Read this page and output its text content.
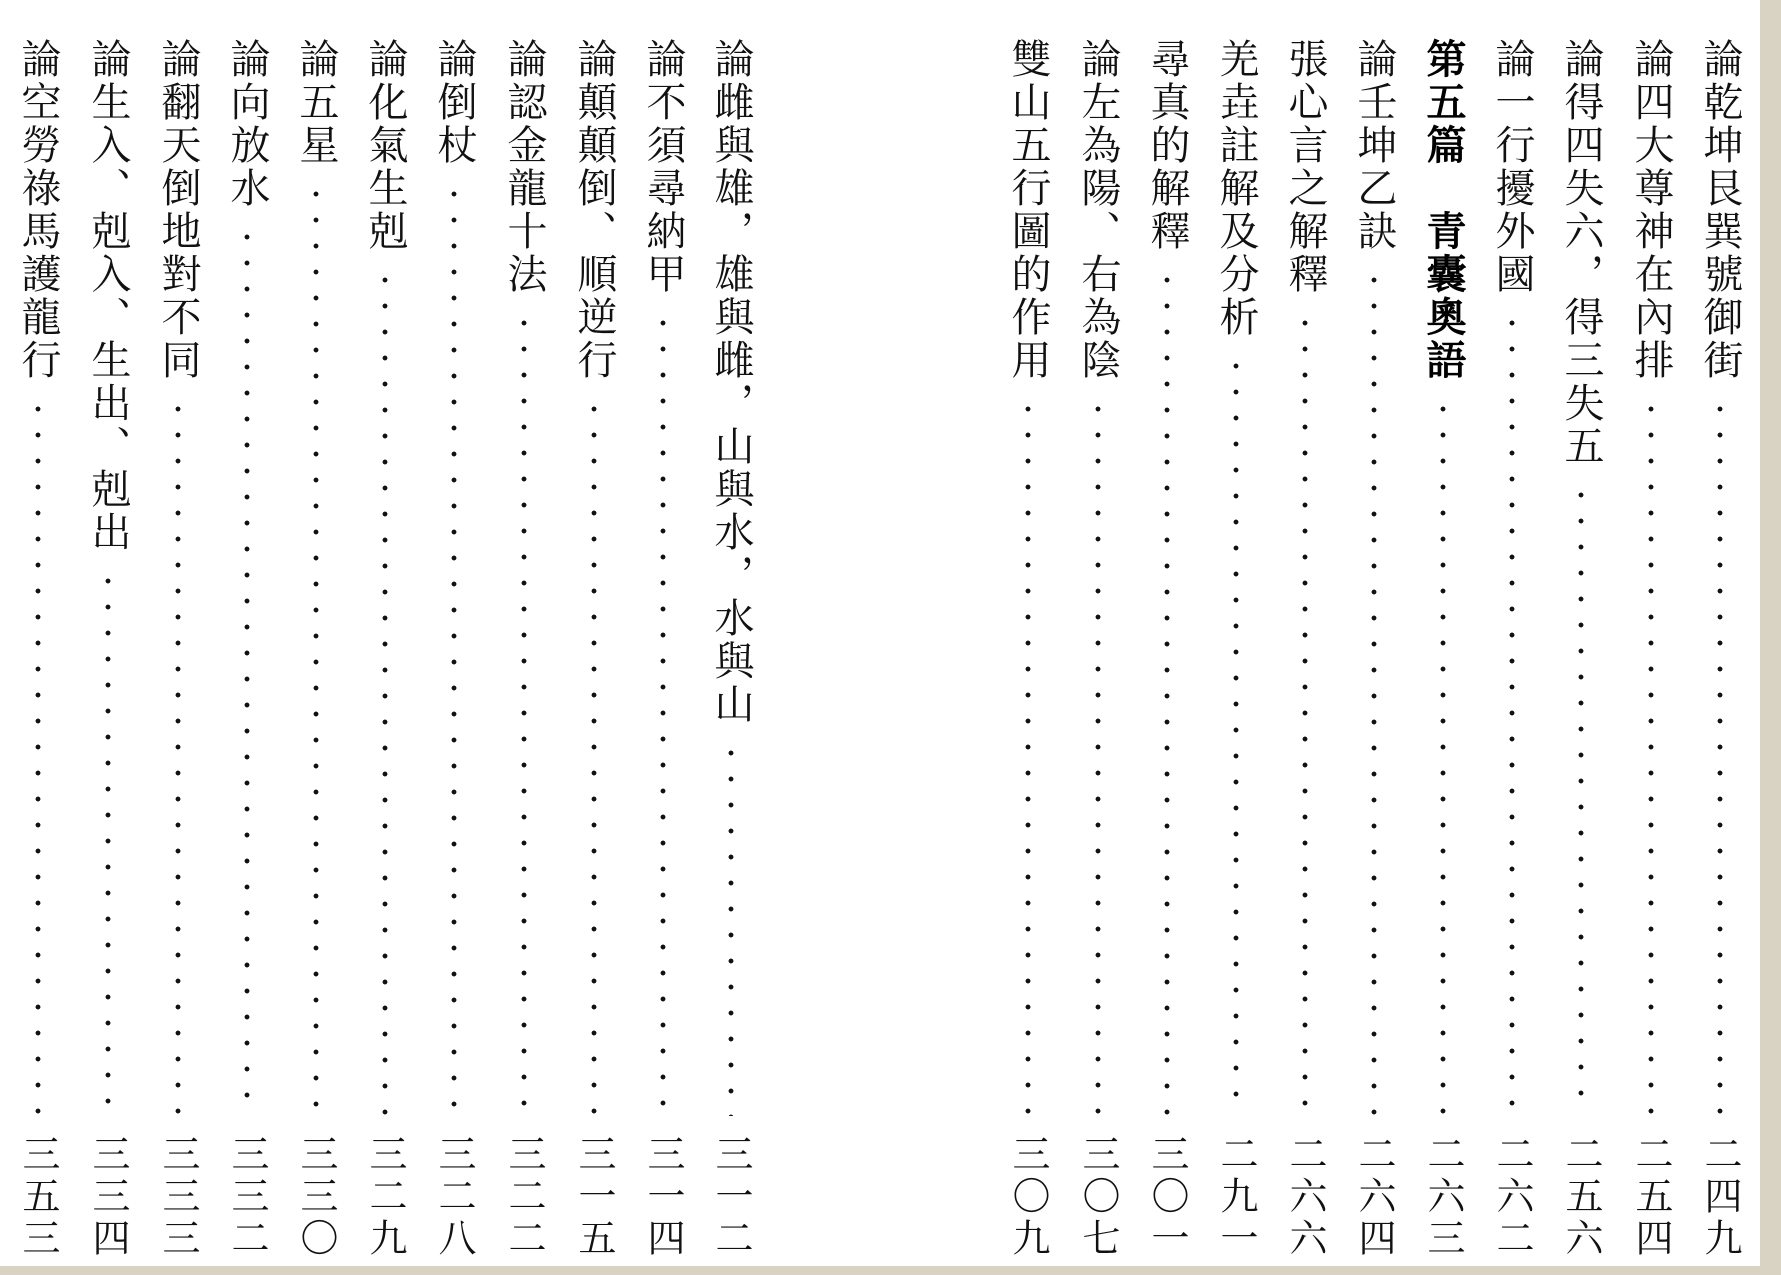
論雌與雄，雄與雌，山與水，水與山
三一二
論不須尋納甲
三一四
論顛顛倒、順逆行
三一五
論認金龍十法
三二二
論倒杖
三二八
論化氣生剋
三二九
論五星
三三〇
論向放水
三三二
論翻天倒地對不同
三三三
論生入、剋入、生出、剋出
三三四
論空勞祿馬護龍行
三五三
論乾坤艮巽號御街
二四九
論四大尊神在內排
二五四
論得四失六，得三失五
二五六
論一行擾外國
二六二
第五篇　青囊奧語
二六三
論壬坤乙訣
二六四
張心言之解釋
二六六
羌垚註解及分析
二九一
尋真的解釋
三〇一
論左為陽、右為陰
三〇七
雙山五行圖的作用
三〇九
